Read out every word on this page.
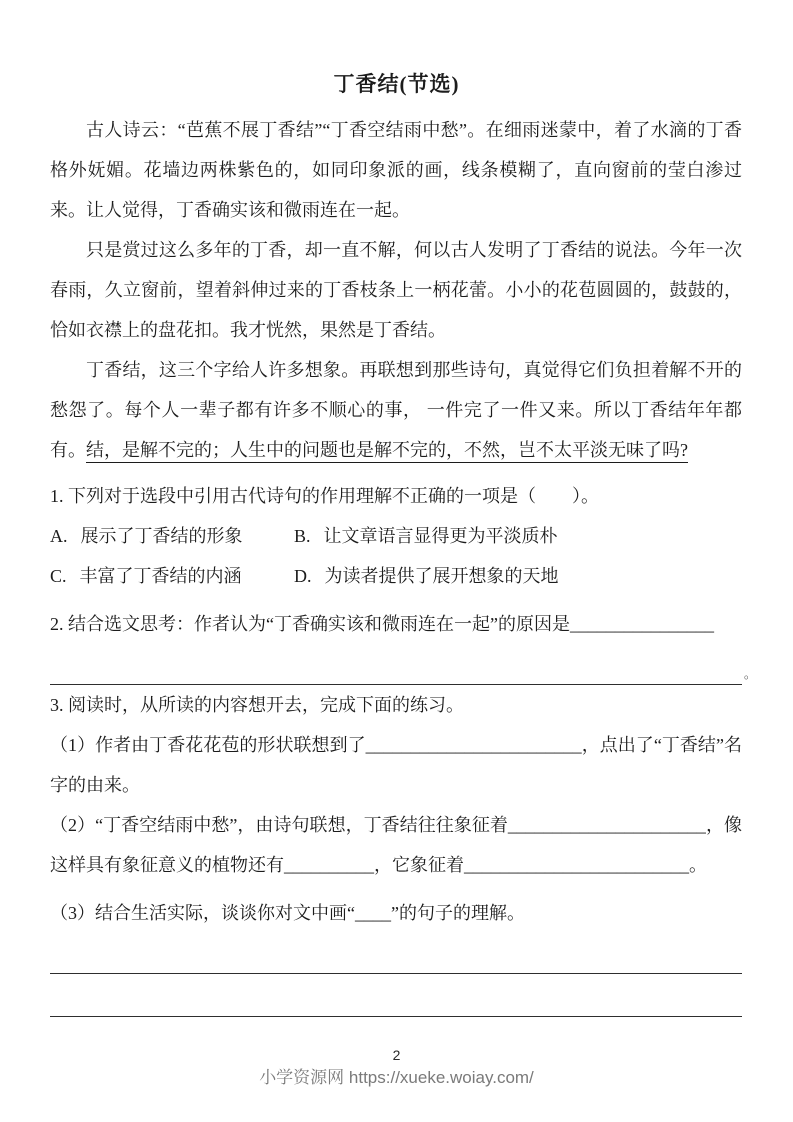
丁香结(节选)

古人诗云：“芭蕉不展丁香结”“丁香空结雨中愁”。在细雨迷蒙中，着了水滴的丁香格外妩媚。花墙边两株紫色的，如同印象派的画，线条模糊了，直向窗前的莹白渗过来。让人觉得，丁香确实该和微雨连在一起。

只是赏过这么多年的丁香，却一直不解，何以古人发明了丁香结的说法。今年一次春雨，久立窗前，望着斜伸过来的丁香枝条上一柄花蕾。小小的花苞圆圆的，鼓鼓的，恰如衣襟上的盘花扣。我才恍然，果然是丁香结。

丁香结，这三个字给人许多想象。再联想到那些诗句，真觉得它们负担着解不开的愁怨了。每个人一辈子都有许多不顺心的事， 一件完了一件又来。所以丁香结年年都有。结，是解不完的；人生中的问题也是解不完的，不然，岂不太平淡无味了吗?

1. 下列对于选段中引用古代诗句的作用理解不正确的一项是（　　）。

A. 展示了丁香结的形象	B. 让文章语言显得更为平淡质朴
C. 丰富了丁香结的内涵	D. 为读者提供了展开想象的天地

2. 结合选文思考：作者认为“丁香确实该和微雨连在一起”的原因是________________

。

3. 阅读时，从所读的内容想开去，完成下面的练习。

（1）作者由丁香花花苞的形状联想到了________________________，点出了“丁香结”名字的由来。

（2）“丁香空结雨中愁”，由诗句联想，丁香结往往象征着______________________，像这样具有象征意义的植物还有__________，它象征着_________________________。

（3）结合生活实际，谈谈你对文中画“____”的句子的理解。

2
小学资源网 https://xueke.woiay.com/
